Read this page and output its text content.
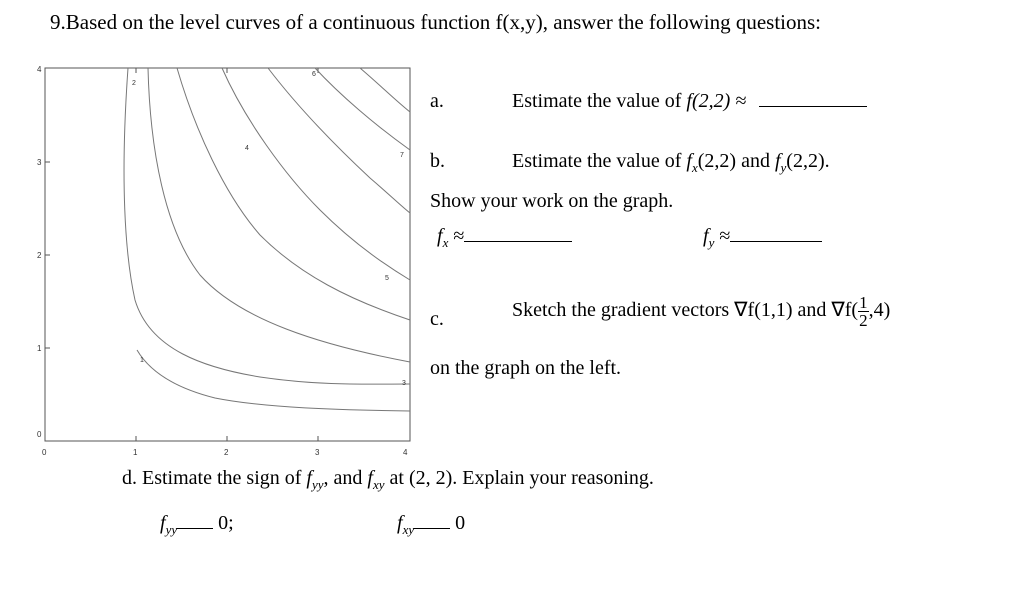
9.Based on the level curves of a continuous function f(x,y), answer the following questions:
0	1	2	3	4
0
1
2
3
4
1
2
3
4
5
6
7
a.	Estimate the value of f(2,2) ≈
b.	Estimate the value of $f_x(2,2)$ and $f_y(2,2)$.
Show your work on the graph.
$f_x$ ≈	$f_y$ ≈
c.	Sketch the gradient vectors ∇f(1,1) and $\nabla f( \frac{1}{2} ,4)$
on the graph on the left.
d. Estimate the sign of $f_{yy}$, and $f_{xy}$ at (2, 2). Explain your reasoning.
$f_{yy}$ 0;	$f_{xy}$ 0
